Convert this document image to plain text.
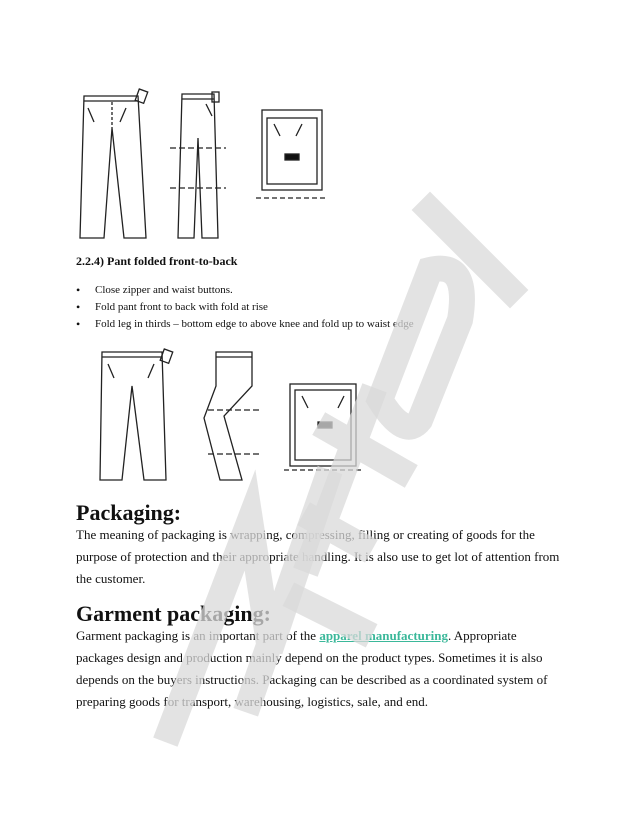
2.2.4) Pant folded front-to-back
• Close zipper and waist buttons.
• Fold pant front to back with fold at rise
• Fold leg in thirds – bottom edge to above knee and fold up to waist edge
Packaging:

The meaning of packaging is wrapping, compressing, filling or creating of goods for the purpose of protection and their appropriate handling. It is also use to get lot of attention from the customer.

Garment packaging:

Garment packaging is an important part of the apparel manufacturing. Appropriate packages design and production mainly depend on the product types. Sometimes it is also depends on the buyers instructions. Packaging can be described as a coordinated system of preparing goods for transport, warehousing, logistics, sale, and end.
